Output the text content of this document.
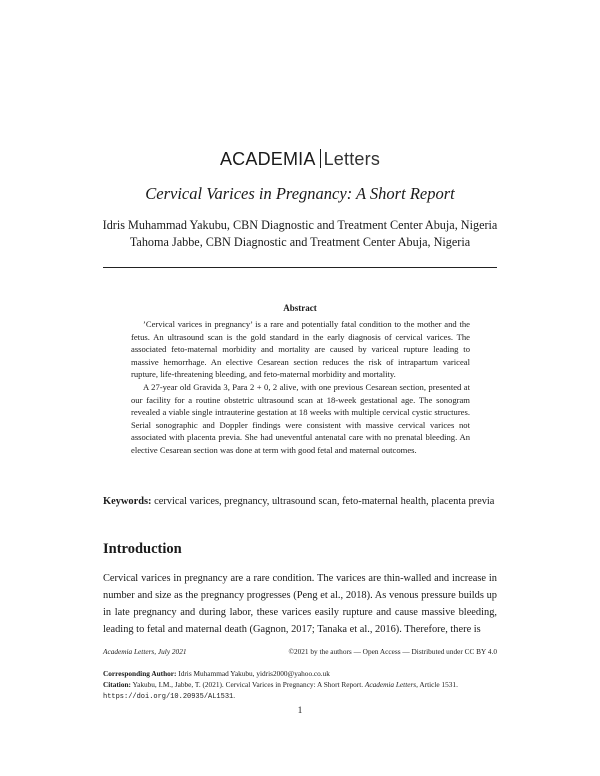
ACADEMIA Letters
Cervical Varices in Pregnancy: A Short Report
Idris Muhammad Yakubu, CBN Diagnostic and Treatment Center Abuja, Nigeria
Tahoma Jabbe, CBN Diagnostic and Treatment Center Abuja, Nigeria
Abstract

’Cervical varices in pregnancy’ is a rare and potentially fatal condition to the mother and the fetus. An ultrasound scan is the gold standard in the early diagnosis of cervical varices. The associated feto-maternal morbidity and mortality are caused by variceal rupture leading to massive hemorrhage. An elective Cesarean section reduces the risk of intrapartum variceal rupture, life-threatening bleeding, and feto-maternal morbidity and mortality.

A 27-year old Gravida 3, Para 2 + 0, 2 alive, with one previous Cesarean section, presented at our facility for a routine obstetric ultrasound scan at 18-week gestational age. The sonogram revealed a viable single intrauterine gestation at 18 weeks with multiple cervical cystic structures. Serial sonographic and Doppler findings were consistent with massive cervical varices not associated with placenta previa. She had uneventful antenatal care with no prenatal bleeding. An elective Cesarean section was done at term with good fetal and maternal outcomes.

Keywords: cervical varices, pregnancy, ultrasound scan, feto-maternal health, placenta previa
Introduction
Cervical varices in pregnancy are a rare condition. The varices are thin-walled and increase in number and size as the pregnancy progresses (Peng et al., 2018). As venous pressure builds up in late pregnancy and during labor, these varices easily rupture and cause massive bleeding, leading to fetal and maternal death (Gagnon, 2017; Tanaka et al., 2016). Therefore, there is
Academia Letters, July 2021	©2021 by the authors — Open Access — Distributed under CC BY 4.0
Corresponding Author: Idris Muhammad Yakubu, yidris2000@yahoo.co.uk
Citation: Yakubu, I.M., Jabbe, T. (2021). Cervical Varices in Pregnancy: A Short Report. Academia Letters, Article 1531. https://doi.org/10.20935/AL1531.
1
